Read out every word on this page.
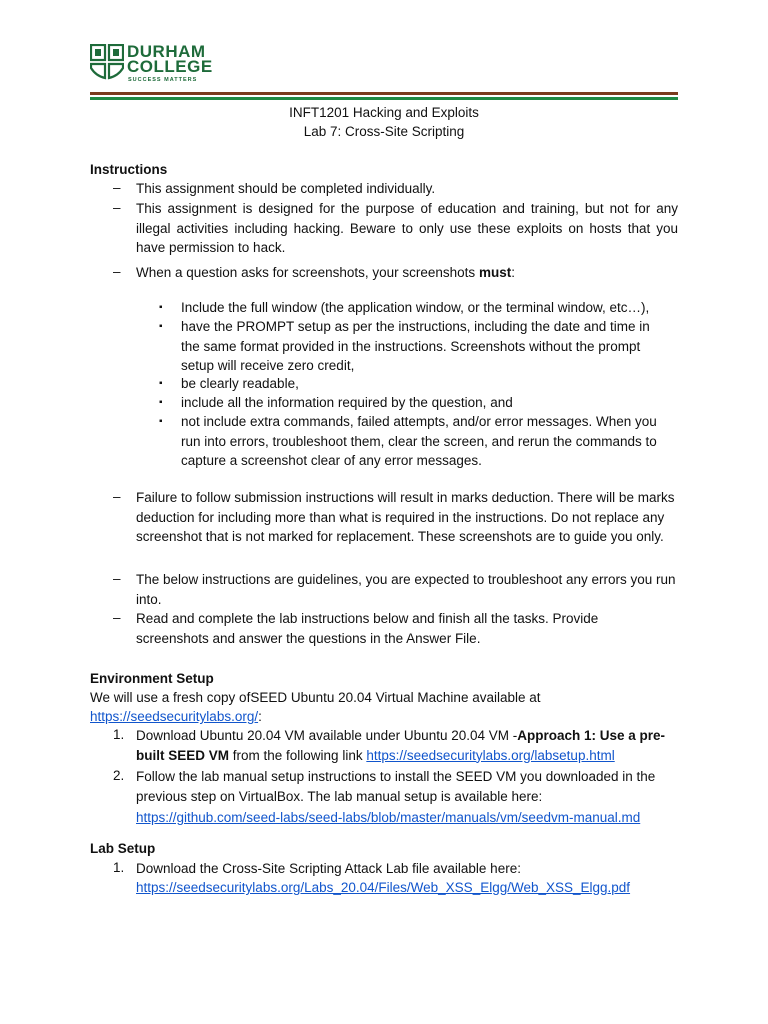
DURHAM
COLLEGE
SUCCESS MATTERS
INFT1201 Hacking and Exploits
Lab 7: Cross-Site Scripting
Instructions
– This assignment should be completed individually.
– This assignment is designed for the purpose of education and training, but not for any illegal activities including hacking. Beware to only use these exploits on hosts that you have permission to hack.
– When a question asks for screenshots, your screenshots must:
▪ Include the full window (the application window, or the terminal window, etc…),
▪ have the PROMPT setup as per the instructions, including the date and time in the same format provided in the instructions. Screenshots without the prompt setup will receive zero credit,
▪ be clearly readable,
▪ include all the information required by the question, and
▪ not include extra commands, failed attempts, and/or error messages. When you run into errors, troubleshoot them, clear the screen, and rerun the commands to capture a screenshot clear of any error messages.
– Failure to follow submission instructions will result in marks deduction. There will be marks deduction for including more than what is required in the instructions. Do not replace any screenshot that is not marked for replacement. These screenshots are to guide you only.
– The below instructions are guidelines, you are expected to troubleshoot any errors you run into.
– Read and complete the lab instructions below and finish all the tasks. Provide screenshots and answer the questions in the Answer File.
Environment Setup
We will use a fresh copy ofSEED Ubuntu 20.04 Virtual Machine available at
https://seedsecuritylabs.org/:
1. Download Ubuntu 20.04 VM available under Ubuntu 20.04 VM -Approach 1: Use a pre-built SEED VM from the following link https://seedsecuritylabs.org/labsetup.html
2. Follow the lab manual setup instructions to install the SEED VM you downloaded in the previous step on VirtualBox. The lab manual setup is available here:
https://github.com/seed-labs/seed-labs/blob/master/manuals/vm/seedvm-manual.md
Lab Setup
1. Download the Cross-Site Scripting Attack Lab file available here:
https://seedsecuritylabs.org/Labs_20.04/Files/Web_XSS_Elgg/Web_XSS_Elgg.pdf
